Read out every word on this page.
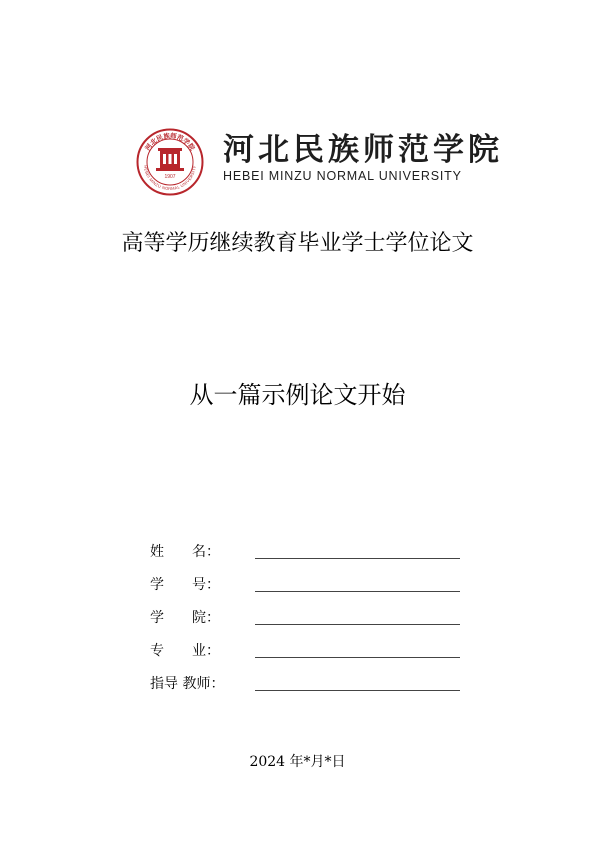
河北民族师范学院
HEBEI MINZU NORMAL UNIVERSITY
1907
河北民族师范学院
HEBEI MINZU NORMAL UNIVERSITY
高等学历继续教育毕业学士学位论文
从一篇示例论文开始
姓　　名：
学　　号：
学　　院：
专　　业：
指导 教师：
2024 年*月*日
